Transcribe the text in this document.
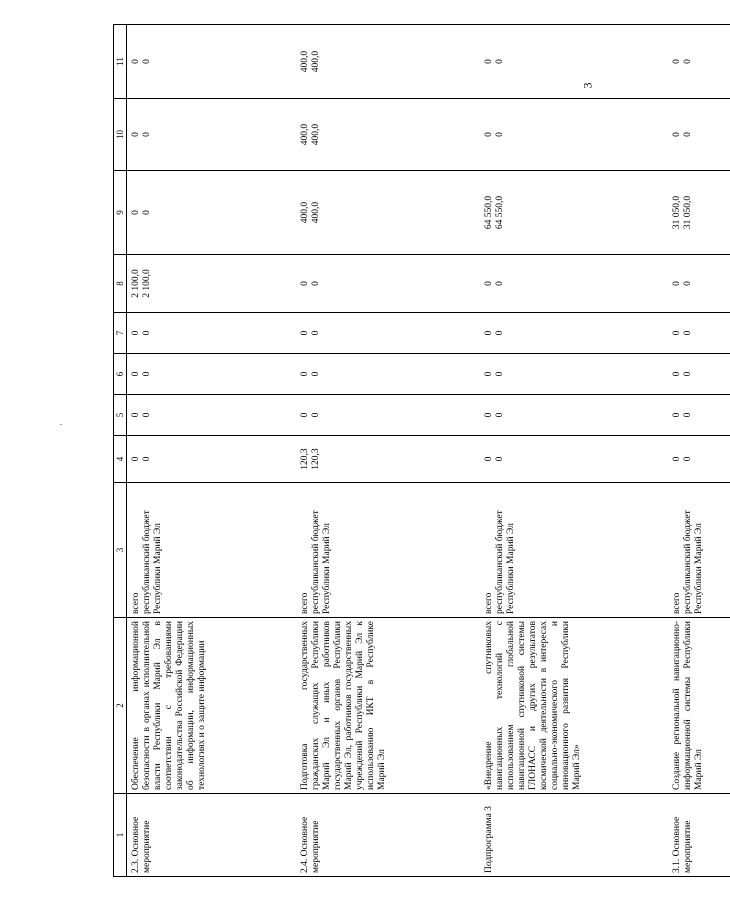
3
.
1	2	3	4	5	6	7	8	9	10	11
2.3. Основное мероприятие	Обеспечение информационной безопасности в органах исполнительной власти Республики Марий Эл в соответствии с требованиями законодательства Российской Федерации об информации, информационных технологиях и о защите информации	всего республиканский бюджет Республики Марий Эл	0 0	0 0	0 0	0 0	2 100,0 2 100,0	0 0	0 0	0 0

2.4. Основное мероприятие	Подготовка государственных гражданских служащих Республики Марий Эл и иных работников государственных органов Республики Марий Эл, работников государственных учреждений Республики Марий Эл к использованию ИКТ в Республике Марий Эл	всего республиканский бюджет Республики Марий Эл	120,3 120,3	0 0	0 0	0 0	0 0	400,0 400,0	400,0 400,0	400,0 400,0

Подпрограмма 3	«Внедрение спутниковых навигационных технологий с использованием глобальной навигационной спутниковой системы ГЛОНАСС и других результатов космической деятельности в интересах социально-экономического и инновационного развития Республики Марий Эл»	всего республиканский бюджет Республики Марий Эл	0 0	0 0	0 0	0 0	0 0	64 550,0 64 550,0	0 0	0 0

3.1. Основное мероприятие	Создание региональной навигационно-информационной системы Республики Марий Эл	всего республиканский бюджет Республики Марий Эл	0 0	0 0	0 0	0 0	0 0	31 050,0 31 050,0	0 0	0 0
